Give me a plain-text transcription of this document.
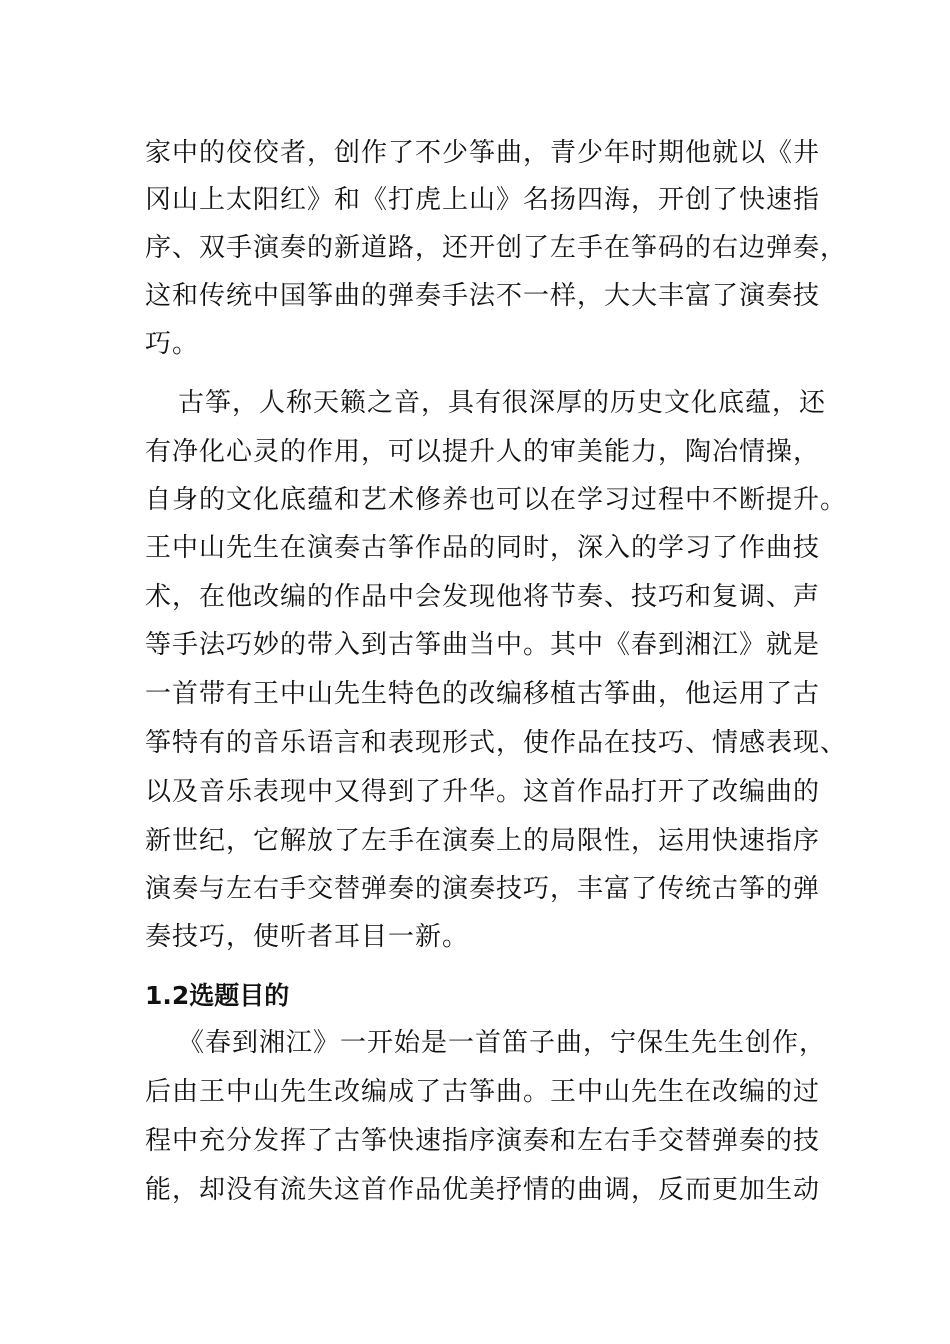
家中的佼佼者，创作了不少筝曲，青少年时期他就以《井
冈山上太阳红》和《打虎上山》名扬四海，开创了快速指
序、双手演奏的新道路，还开创了左手在筝码的右边弹奏，
这和传统中国筝曲的弹奏手法不一样，大大丰富了演奏技
巧。
古筝，人称天籁之音，具有很深厚的历史文化底蕴，还
有净化心灵的作用，可以提升人的审美能力，陶冶情操，
自身的文化底蕴和艺术修养也可以在学习过程中不断提升。
王中山先生在演奏古筝作品的同时，深入的学习了作曲技
术，在他改编的作品中会发现他将节奏、技巧和复调、声
等手法巧妙的带入到古筝曲当中。其中《春到湘江》就是
一首带有王中山先生特色的改编移植古筝曲，他运用了古
筝特有的音乐语言和表现形式，使作品在技巧、情感表现、
以及音乐表现中又得到了升华。这首作品打开了改编曲的
新世纪，它解放了左手在演奏上的局限性，运用快速指序
演奏与左右手交替弹奏的演奏技巧，丰富了传统古筝的弹
奏技巧，使听者耳目一新。
1.2选题目的
《春到湘江》一开始是一首笛子曲，宁保生先生创作，
后由王中山先生改编成了古筝曲。王中山先生在改编的过
程中充分发挥了古筝快速指序演奏和左右手交替弹奏的技
能，却没有流失这首作品优美抒情的曲调，反而更加生动
